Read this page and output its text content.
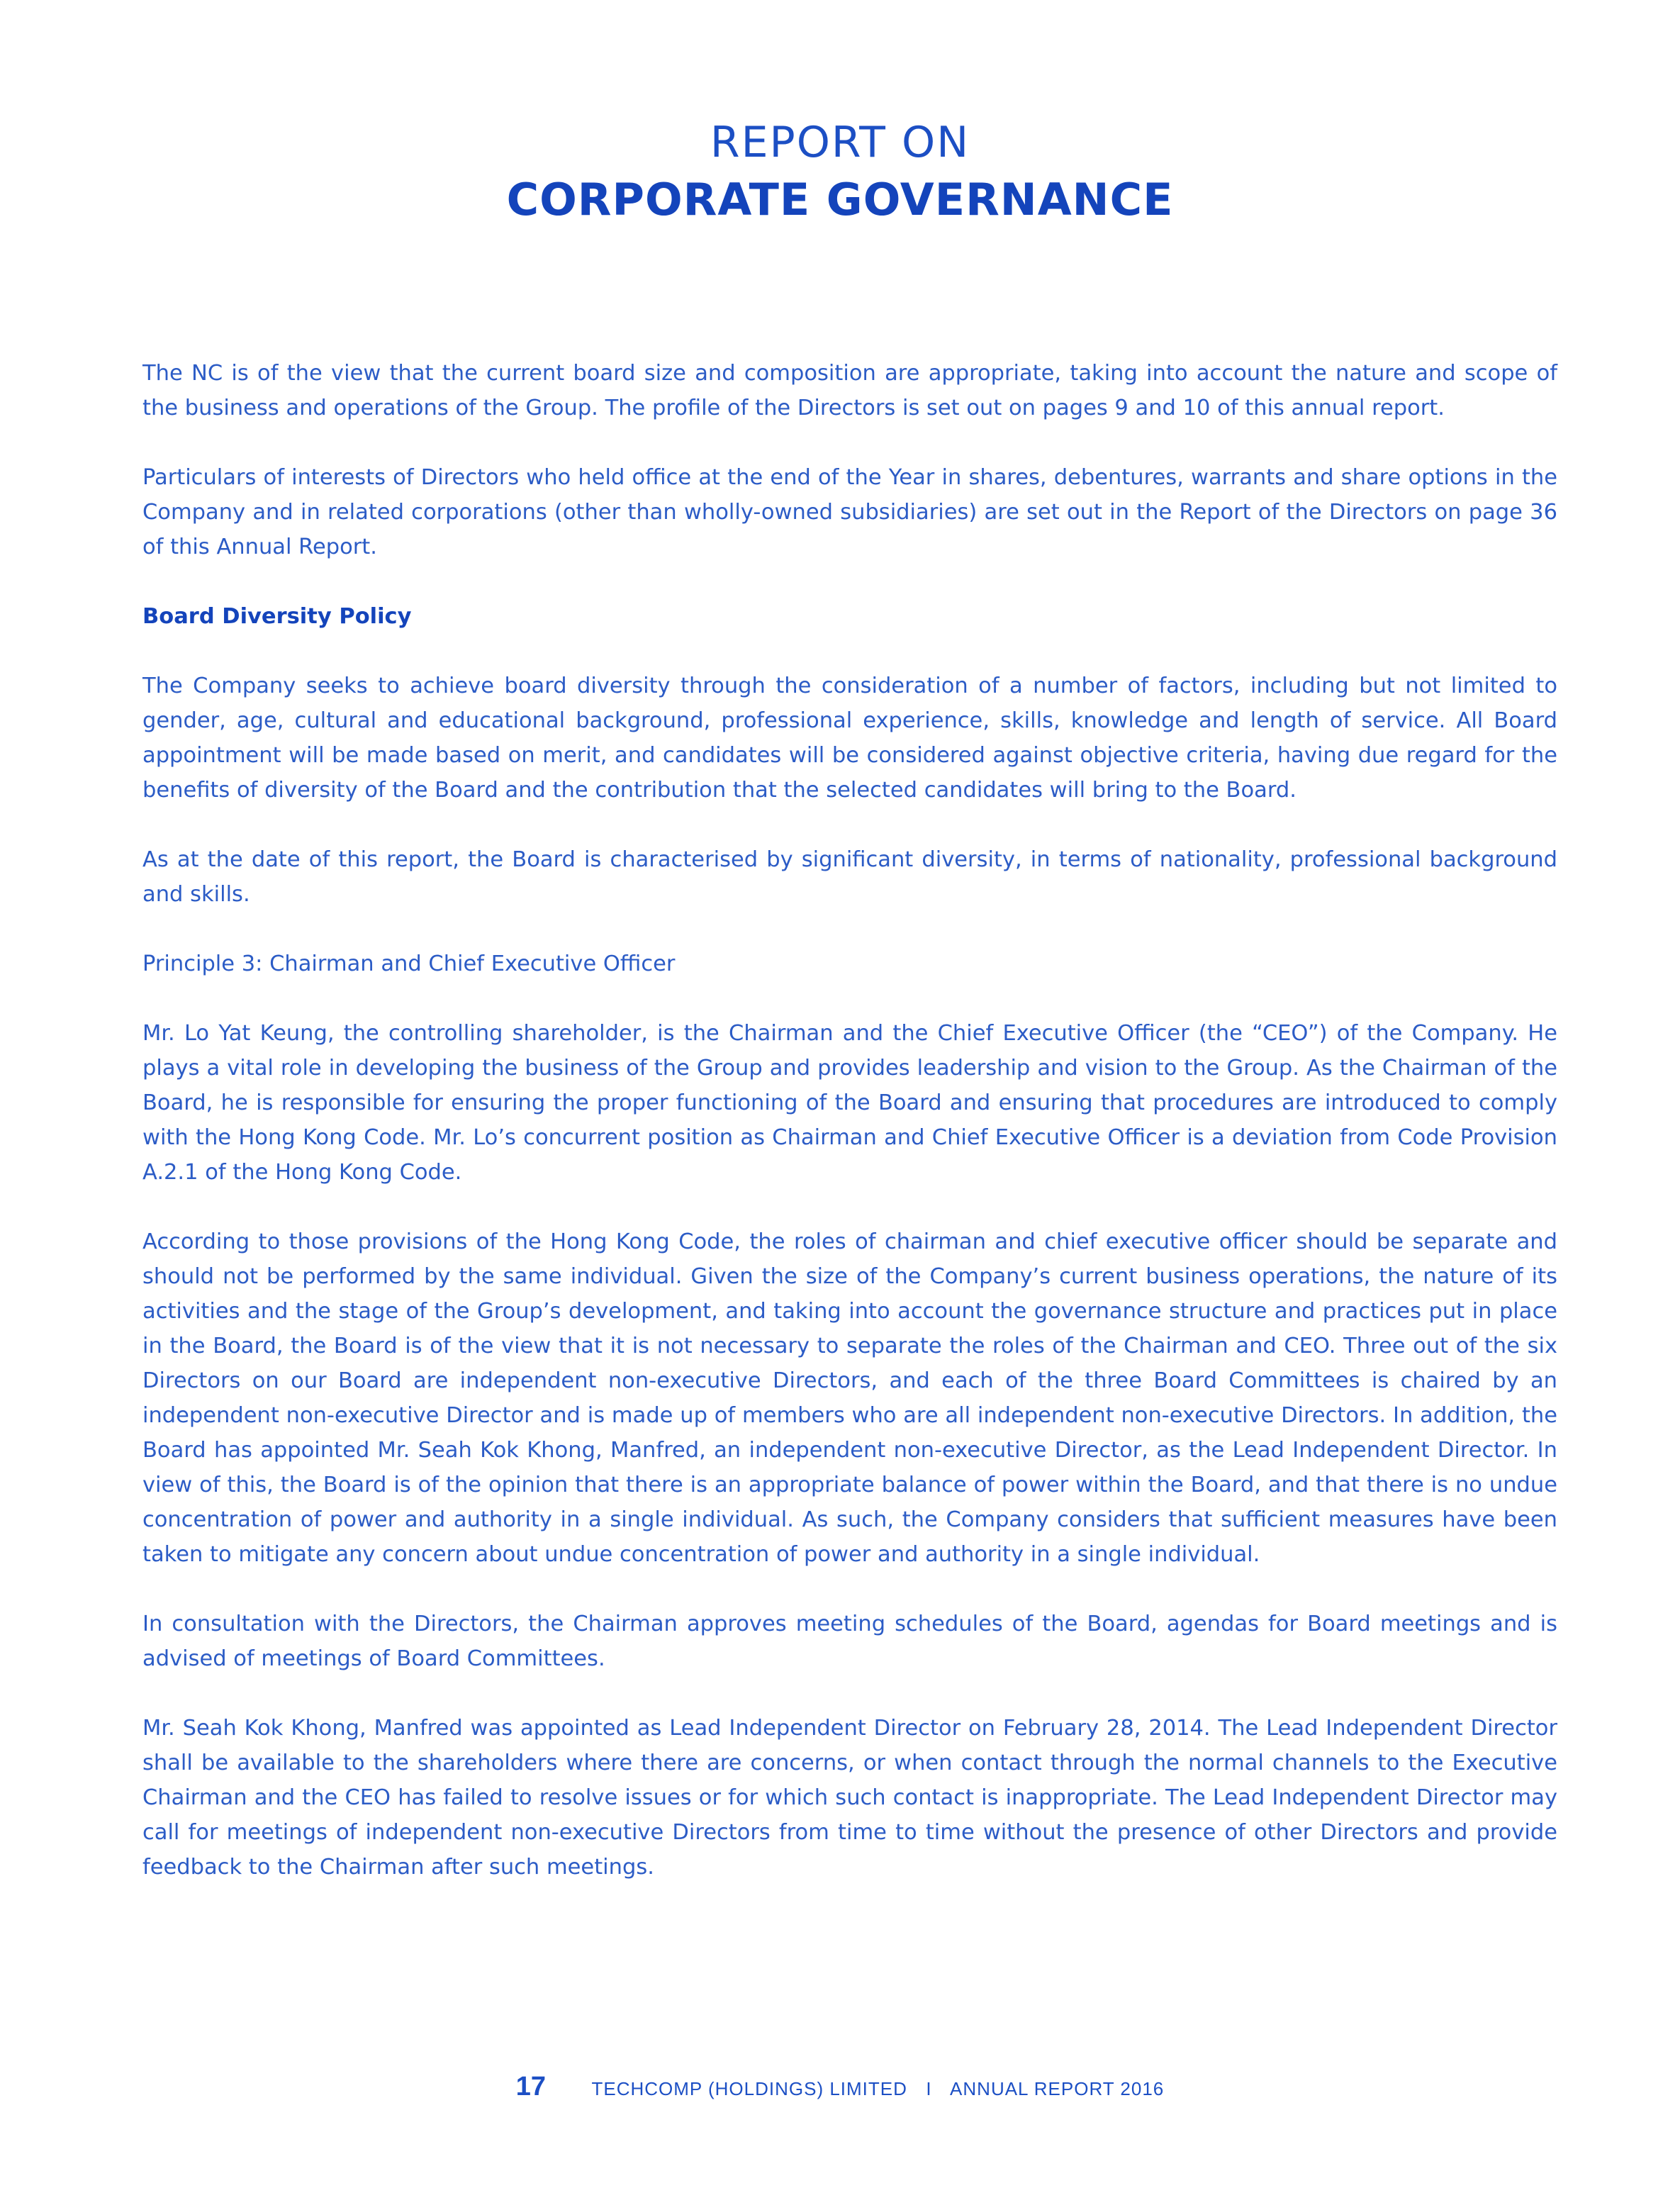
REPORT ON
CORPORATE GOVERNANCE

The NC is of the view that the current board size and composition are appropriate, taking into account the nature and scope of the business and operations of the Group. The profile of the Directors is set out on pages 9 and 10 of this annual report.

Particulars of interests of Directors who held office at the end of the Year in shares, debentures, warrants and share options in the Company and in related corporations (other than wholly-owned subsidiaries) are set out in the Report of the Directors on page 36 of this Annual Report.

Board Diversity Policy

The Company seeks to achieve board diversity through the consideration of a number of factors, including but not limited to gender, age, cultural and educational background, professional experience, skills, knowledge and length of service. All Board appointment will be made based on merit, and candidates will be considered against objective criteria, having due regard for the benefits of diversity of the Board and the contribution that the selected candidates will bring to the Board.

As at the date of this report, the Board is characterised by significant diversity, in terms of nationality, professional background and skills.

Principle 3: Chairman and Chief Executive Officer

Mr. Lo Yat Keung, the controlling shareholder, is the Chairman and the Chief Executive Officer (the “CEO”) of the Company. He plays a vital role in developing the business of the Group and provides leadership and vision to the Group. As the Chairman of the Board, he is responsible for ensuring the proper functioning of the Board and ensuring that procedures are introduced to comply with the Hong Kong Code. Mr. Lo’s concurrent position as Chairman and Chief Executive Officer is a deviation from Code Provision A.2.1 of the Hong Kong Code.

According to those provisions of the Hong Kong Code, the roles of chairman and chief executive officer should be separate and should not be performed by the same individual. Given the size of the Company’s current business operations, the nature of its activities and the stage of the Group’s development, and taking into account the governance structure and practices put in place in the Board, the Board is of the view that it is not necessary to separate the roles of the Chairman and CEO. Three out of the six Directors on our Board are independent non-executive Directors, and each of the three Board Committees is chaired by an independent non-executive Director and is made up of members who are all independent non-executive Directors. In addition, the Board has appointed Mr. Seah Kok Khong, Manfred, an independent non-executive Director, as the Lead Independent Director. In view of this, the Board is of the opinion that there is an appropriate balance of power within the Board, and that there is no undue concentration of power and authority in a single individual. As such, the Company considers that sufficient measures have been taken to mitigate any concern about undue concentration of power and authority in a single individual.

In consultation with the Directors, the Chairman approves meeting schedules of the Board, agendas for Board meetings and is advised of meetings of Board Committees.

Mr. Seah Kok Khong, Manfred was appointed as Lead Independent Director on February 28, 2014. The Lead Independent Director shall be available to the shareholders where there are concerns, or when contact through the normal channels to the Executive Chairman and the CEO has failed to resolve issues or for which such contact is inappropriate. The Lead Independent Director may call for meetings of independent non-executive Directors from time to time without the presence of other Directors and provide feedback to the Chairman after such meetings.

17 TECHCOMP (HOLDINGS) LIMITED I ANNUAL REPORT 2016
